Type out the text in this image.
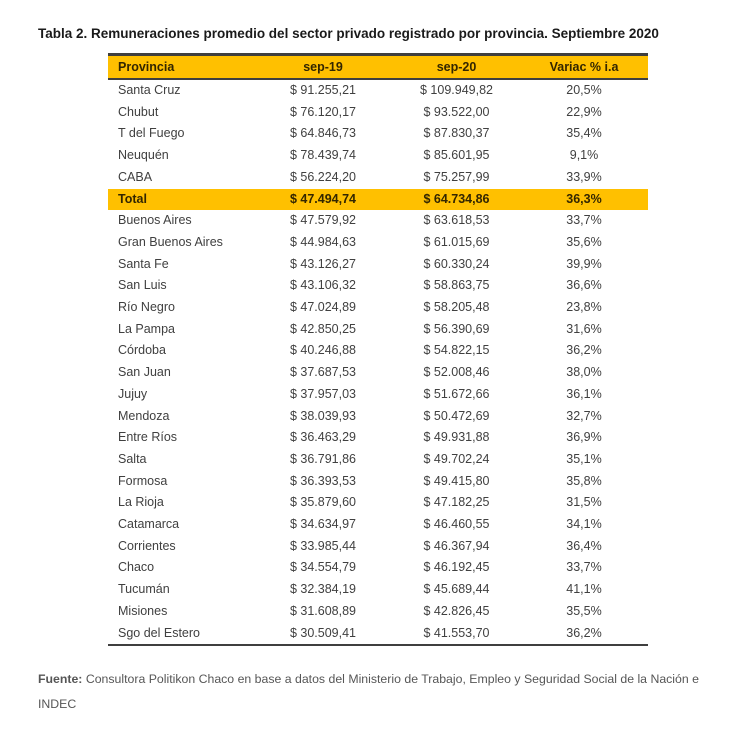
Tabla 2. Remuneraciones promedio del sector privado registrado por provincia. Septiembre 2020
Provincia	sep-19	sep-20	Variac % i.a
Santa Cruz	$ 91.255,21	$ 109.949,82	20,5%
Chubut	$ 76.120,17	$ 93.522,00	22,9%
T del Fuego	$ 64.846,73	$ 87.830,37	35,4%
Neuquén	$ 78.439,74	$ 85.601,95	9,1%
CABA	$ 56.224,20	$ 75.257,99	33,9%
Total	$ 47.494,74	$ 64.734,86	36,3%
Buenos Aires	$ 47.579,92	$ 63.618,53	33,7%
Gran Buenos Aires	$ 44.984,63	$ 61.015,69	35,6%
Santa Fe	$ 43.126,27	$ 60.330,24	39,9%
San Luis	$ 43.106,32	$ 58.863,75	36,6%
Río Negro	$ 47.024,89	$ 58.205,48	23,8%
La Pampa	$ 42.850,25	$ 56.390,69	31,6%
Córdoba	$ 40.246,88	$ 54.822,15	36,2%
San Juan	$ 37.687,53	$ 52.008,46	38,0%
Jujuy	$ 37.957,03	$ 51.672,66	36,1%
Mendoza	$ 38.039,93	$ 50.472,69	32,7%
Entre Ríos	$ 36.463,29	$ 49.931,88	36,9%
Salta	$ 36.791,86	$ 49.702,24	35,1%
Formosa	$ 36.393,53	$ 49.415,80	35,8%
La Rioja	$ 35.879,60	$ 47.182,25	31,5%
Catamarca	$ 34.634,97	$ 46.460,55	34,1%
Corrientes	$ 33.985,44	$ 46.367,94	36,4%
Chaco	$ 34.554,79	$ 46.192,45	33,7%
Tucumán	$ 32.384,19	$ 45.689,44	41,1%
Misiones	$ 31.608,89	$ 42.826,45	35,5%
Sgo del Estero	$ 30.509,41	$ 41.553,70	36,2%
Fuente: Consultora Politikon Chaco en base a datos del Ministerio de Trabajo, Empleo y Seguridad Social de la Nación e INDEC
